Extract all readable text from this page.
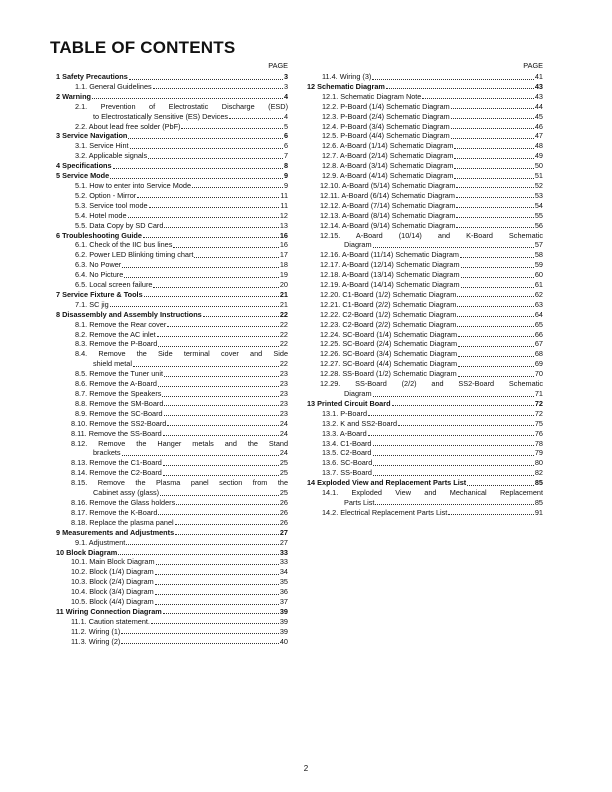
TABLE OF CONTENTS
PAGE
1 Safety Precautions	3
1.1. General Guidelines	3
2 Warning	4
2.1. Prevention of Electrostatic Discharge (ESD)
to Electrostatically Sensitive (ES) Devices	4
2.2. About lead free solder (PbF)	5
3 Service Navigation	6
3.1. Service Hint	6
3.2. Applicable signals	7
4 Specifications	8
5 Service Mode	9
5.1. How to enter into Service Mode	9
5.2. Option - Mirror	11
5.3. Service tool mode	11
5.4. Hotel mode	12
5.5. Data Copy by SD Card	13
6 Troubleshooting Guide	16
6.1. Check of the IIC bus lines	16
6.2. Power LED Blinking timing chart	17
6.3. No Power	18
6.4. No Picture	19
6.5. Local screen failure	20
7 Service Fixture & Tools	21
7.1. SC jig	21
8 Disassembly and Assembly Instructions	22
8.1. Remove the Rear cover	22
8.2. Remove the AC inlet	22
8.3. Remove the P-Board	22
8.4. Remove the Side terminal cover and Side
shield metal	22
8.5. Remove the Tuner unit	23
8.6. Remove the A-Board	23
8.7. Remove the Speakers	23
8.8. Remove the SM-Board	23
8.9. Remove the SC-Board	23
8.10. Remove the SS2-Board	24
8.11. Remove the SS-Board	24
8.12. Remove the Hanger metals and the Stand
brackets	24
8.13. Remove the C1-Board	25
8.14. Remove the C2-Board	25
8.15. Remove the Plasma panel section from the
Cabinet assy (glass)	25
8.16. Remove the Glass holders	26
8.17. Remove the K-Board	26
8.18. Replace the plasma panel	26
9 Measurements and Adjustments	27
9.1. Adjustment	27
10 Block Diagram	33
10.1. Main Block Diagram	33
10.2. Block (1/4) Diagram	34
10.3. Block (2/4) Diagram	35
10.4. Block (3/4) Diagram	36
10.5. Block (4/4) Diagram	37
11 Wiring Connection Diagram	39
11.1. Caution statement.	39
11.2. Wiring (1)	39
11.3. Wiring (2)	40
PAGE
11.4. Wiring (3)	41
12 Schematic Diagram	43
12.1. Schematic Diagram Note	43
12.2. P-Board (1/4) Schematic Diagram	44
12.3. P-Board (2/4) Schematic Diagram	45
12.4. P-Board (3/4) Schematic Diagram	46
12.5. P-Board (4/4) Schematic Diagram	47
12.6. A-Board (1/14) Schematic Diagram	48
12.7. A-Board (2/14) Schematic Diagram	49
12.8. A-Board (3/14) Schematic Diagram	50
12.9. A-Board (4/14) Schematic Diagram	51
12.10. A-Board (5/14) Schematic Diagram	52
12.11. A-Board (6/14) Schematic Diagram	53
12.12. A-Board (7/14) Schematic Diagram	54
12.13. A-Board (8/14) Schematic Diagram	55
12.14. A-Board (9/14) Schematic Diagram	56
12.15. A-Board (10/14) and K-Board Schematic
Diagram	57
12.16. A-Board (11/14) Schematic Diagram	58
12.17. A-Board (12/14) Schematic Diagram	59
12.18. A-Board (13/14) Schematic Diagram	60
12.19. A-Board (14/14) Schematic Diagram	61
12.20. C1-Board (1/2) Schematic Diagram	62
12.21. C1-Board (2/2) Schematic Diagram	63
12.22. C2-Board (1/2) Schematic Diagram	64
12.23. C2-Board (2/2) Schematic Diagram	65
12.24. SC-Board (1/4) Schematic Diagram	66
12.25. SC-Board (2/4) Schematic Diagram	67
12.26. SC-Board (3/4) Schematic Diagram	68
12.27. SC-Board (4/4) Schematic Diagram	69
12.28. SS-Board (1/2) Schematic Diagram	70
12.29. SS-Board (2/2) and SS2-Board Schematic
Diagram	71
13 Printed Circuit Board	72
13.1. P-Board	72
13.2. K and SS2-Board	75
13.3. A-Board	76
13.4. C1-Board	78
13.5. C2-Board	79
13.6. SC-Board	80
13.7. SS-Board	82
14 Exploded View and Replacement Parts List	85
14.1. Exploded View and Mechanical Replacement
Parts List	85
14.2. Electrical Replacement Parts List	91
2
